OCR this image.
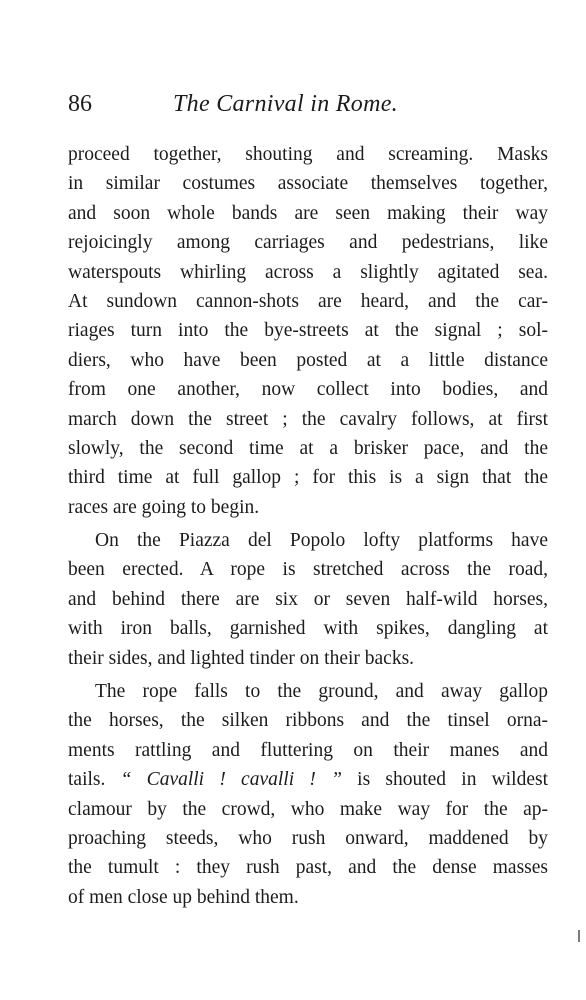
86	The Carnival in Rome.
proceed together, shouting and screaming. Masks
in similar costumes associate themselves together,
and soon whole bands are seen making their way
rejoicingly among carriages and pedestrians, like
waterspouts whirling across a slightly agitated sea.
At sundown cannon-shots are heard, and the car-
riages turn into the bye-streets at the signal ; sol-
diers, who have been posted at a little distance
from one another, now collect into bodies, and
march down the street ; the cavalry follows, at first
slowly, the second time at a brisker pace, and the
third time at full gallop ; for this is a sign that the
races are going to begin.
On the Piazza del Popolo lofty platforms have
been erected. A rope is stretched across the road,
and behind there are six or seven half-wild horses,
with iron balls, garnished with spikes, dangling at
their sides, and lighted tinder on their backs.
The rope falls to the ground, and away gallop
the horses, the silken ribbons and the tinsel orna-
ments rattling and fluttering on their manes and
tails. “ Cavalli ! cavalli ! ” is shouted in wildest
clamour by the crowd, who make way for the ap-
proaching steeds, who rush onward, maddened by
the tumult : they rush past, and the dense masses
of men close up behind them.
